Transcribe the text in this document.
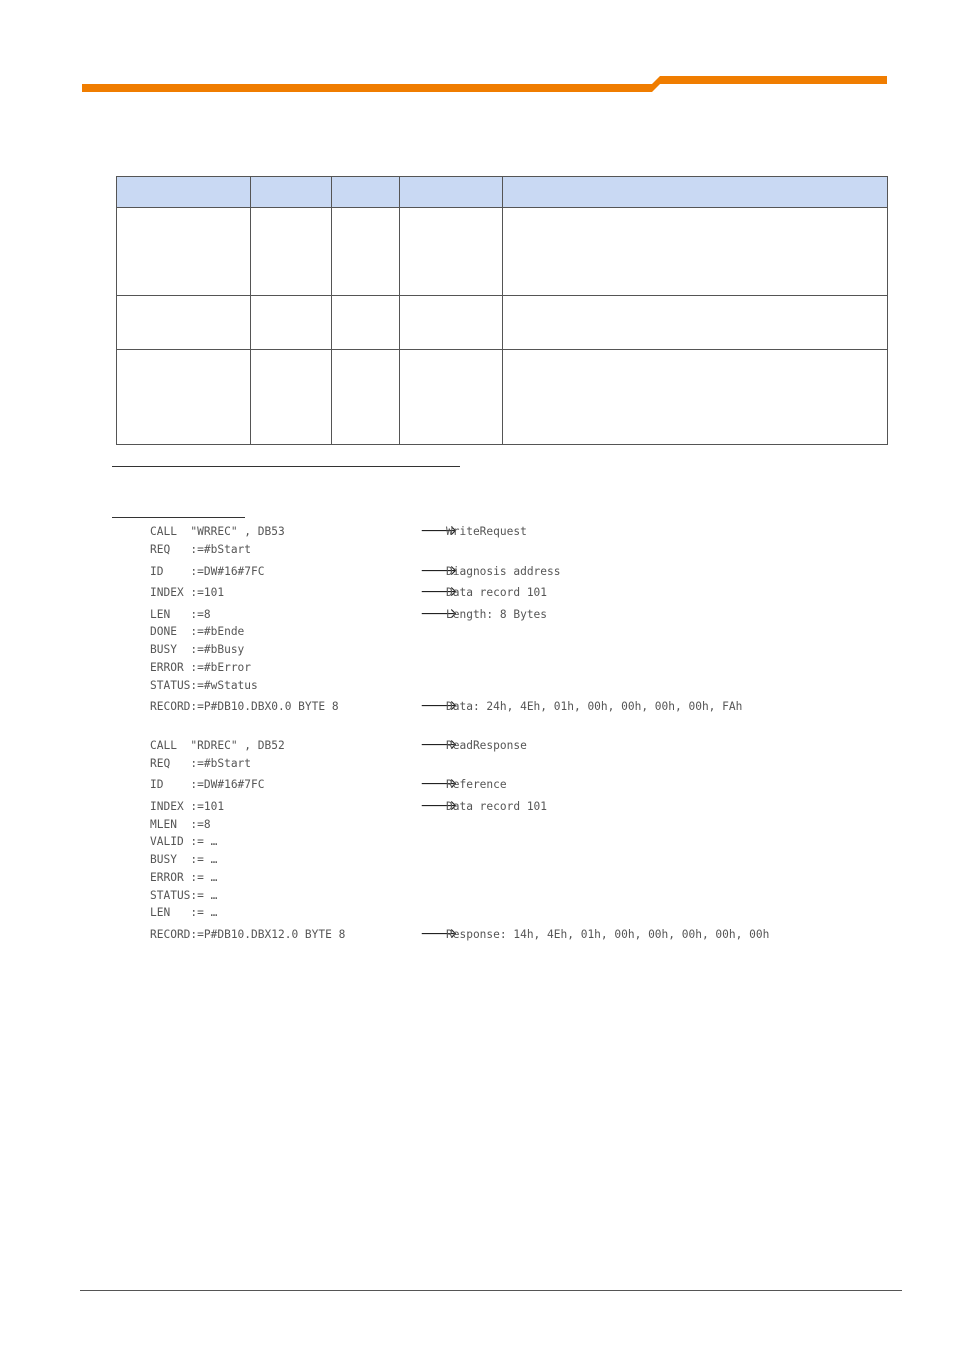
CALL  "WRREC" , DB53	🡒
WriteRequest
REQ   :=#bStart
ID    :=DW#16#7FC	🡒
Diagnosis address
INDEX :=101	🡒
Data record 101
LEN   :=8	🡒
Length: 8 Bytes
DONE  :=#bEnde
BUSY  :=#bBusy
ERROR :=#bError
STATUS:=#wStatus
RECORD:=P#DB10.DBX0.0 BYTE 8	🡒
Data: 24h, 4Eh, 01h, 00h, 00h, 00h, 00h, FAh
CALL  "RDREC" , DB52	🡒
ReadResponse
REQ   :=#bStart
ID    :=DW#16#7FC	🡒
Reference
INDEX :=101	🡒
Data record 101
MLEN  :=8
VALID := …
BUSY  := …
ERROR := …
STATUS:= …
LEN   := …
RECORD:=P#DB10.DBX12.0 BYTE 8	🡒
Response: 14h, 4Eh, 01h, 00h, 00h, 00h, 00h, 00h
